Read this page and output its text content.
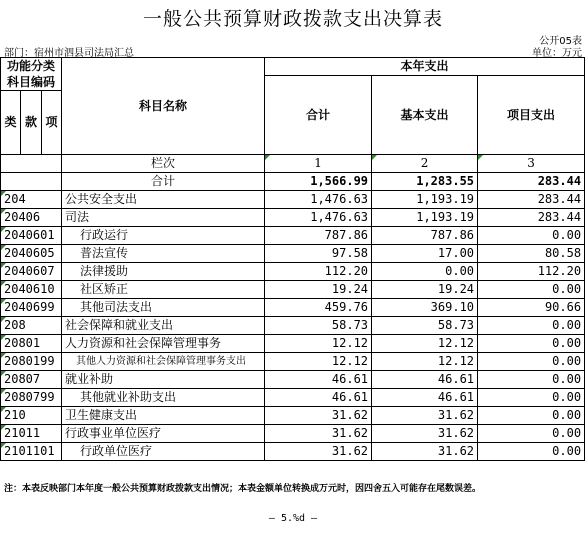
一般公共预算财政拨款支出决算表
公开05表
部门：宿州市泗县司法局汇总	单位：万元
功能分类
科目编码			科目名称	本年支出		
				合计	基本支出	项目支出

类	款	项				

			栏次	1	2	3
			合计	1,566.99	1,283.55	283.44

204			公共安全支出	1,476.63	1,193.19	283.44

20406			司法	1,476.63	1,193.19	283.44

2040601			行政运行	787.86	787.86	0.00

2040605			普法宣传	97.58	17.00	80.58

2040607			法律援助	112.20	0.00	112.20

2040610			社区矫正	19.24	19.24	0.00

2040699			其他司法支出	459.76	369.10	90.66

208			社会保障和就业支出	58.73	58.73	0.00

20801			人力资源和社会保障管理事务	12.12	12.12	0.00

2080199			其他人力资源和社会保障管理事务支出	12.12	12.12	0.00

20807			就业补助	46.61	46.61	0.00

2080799			其他就业补助支出	46.61	46.61	0.00

210			卫生健康支出	31.62	31.62	0.00

21011			行政事业单位医疗	31.62	31.62	0.00

2101101			行政单位医疗	31.62	31.62	0.00
注：本表反映部门本年度一般公共预算财政拨款支出情况；本表金额单位转换成万元时，因四舍五入可能存在尾数误差。
— 5.%d —
